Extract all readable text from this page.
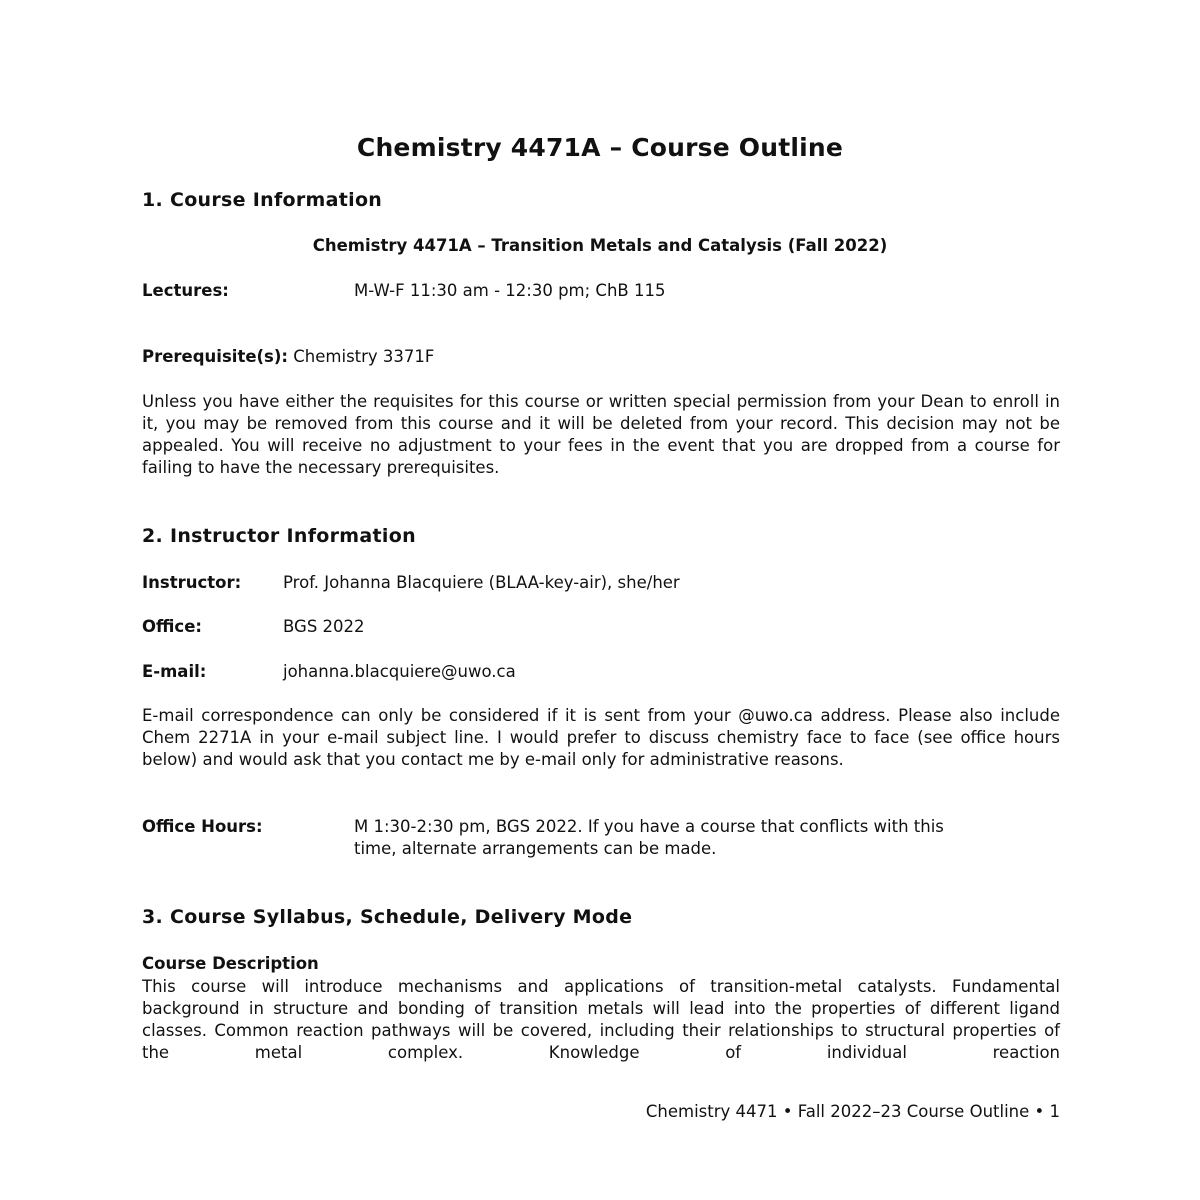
Chemistry 4471A – Course Outline
1. Course Information
Chemistry 4471A – Transition Metals and Catalysis (Fall 2022)
Lectures:	M-W-F 11:30 am - 12:30 pm; ChB 115
Prerequisite(s): Chemistry 3371F
Unless you have either the requisites for this course or written special permission from your Dean to enroll in it, you may be removed from this course and it will be deleted from your record. This decision may not be appealed. You will receive no adjustment to your fees in the event that you are dropped from a course for failing to have the necessary prerequisites.
2. Instructor Information
Instructor:	Prof. Johanna Blacquiere (BLAA-key-air), she/her
Office:	BGS 2022
E-mail:	johanna.blacquiere@uwo.ca
E-mail correspondence can only be considered if it is sent from your @uwo.ca address. Please also include Chem 2271A in your e-mail subject line. I would prefer to discuss chemistry face to face (see office hours below) and would ask that you contact me by e-mail only for administrative reasons.
Office Hours:	M 1:30-2:30 pm, BGS 2022. If you have a course that conflicts with this
time, alternate arrangements can be made.
3. Course Syllabus, Schedule, Delivery Mode
Course Description
This course will introduce mechanisms and applications of transition-metal catalysts. Fundamental background in structure and bonding of transition metals will lead into the properties of different ligand classes. Common reaction pathways will be covered, including their relationships to structural properties of the metal complex. Knowledge of individual reaction
Chemistry 4471 • Fall 2022–23 Course Outline • 1
